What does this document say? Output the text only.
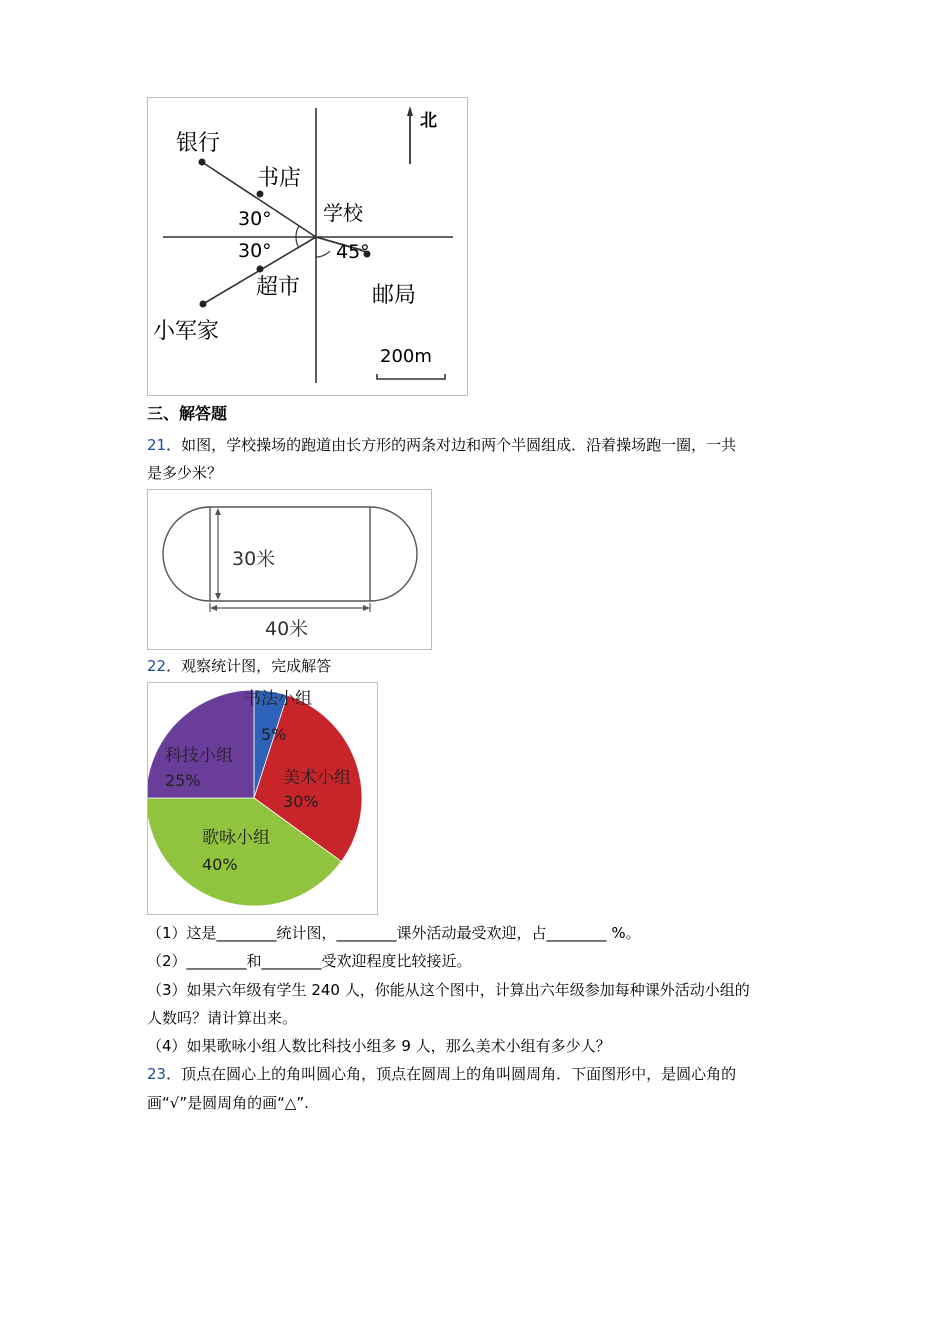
北
银行
书店
学校
30°
30°	45°
超市	邮局
小军家
200m
三、解答题
21．如图，学校操场的跑道由长方形的两条对边和两个半圆组成．沿着操场跑一圈，一共
是多少米？
30米
40米
22．观察统计图，完成解答
书法小组
5%
美术小组
30%
歌咏小组
40%
科技小组
25%
（1）这是________统计图，________课外活动最受欢迎，占________ %。
（2）________和________受欢迎程度比较接近。
（3）如果六年级有学生 240 人，你能从这个图中，计算出六年级参加每种课外活动小组的
人数吗？请计算出来。
（4）如果歌咏小组人数比科技小组多 9 人，那么美术小组有多少人？
23．顶点在圆心上的角叫圆心角，顶点在圆周上的角叫圆周角．下面图形中，是圆心角的
画“√”是圆周角的画“△”.
